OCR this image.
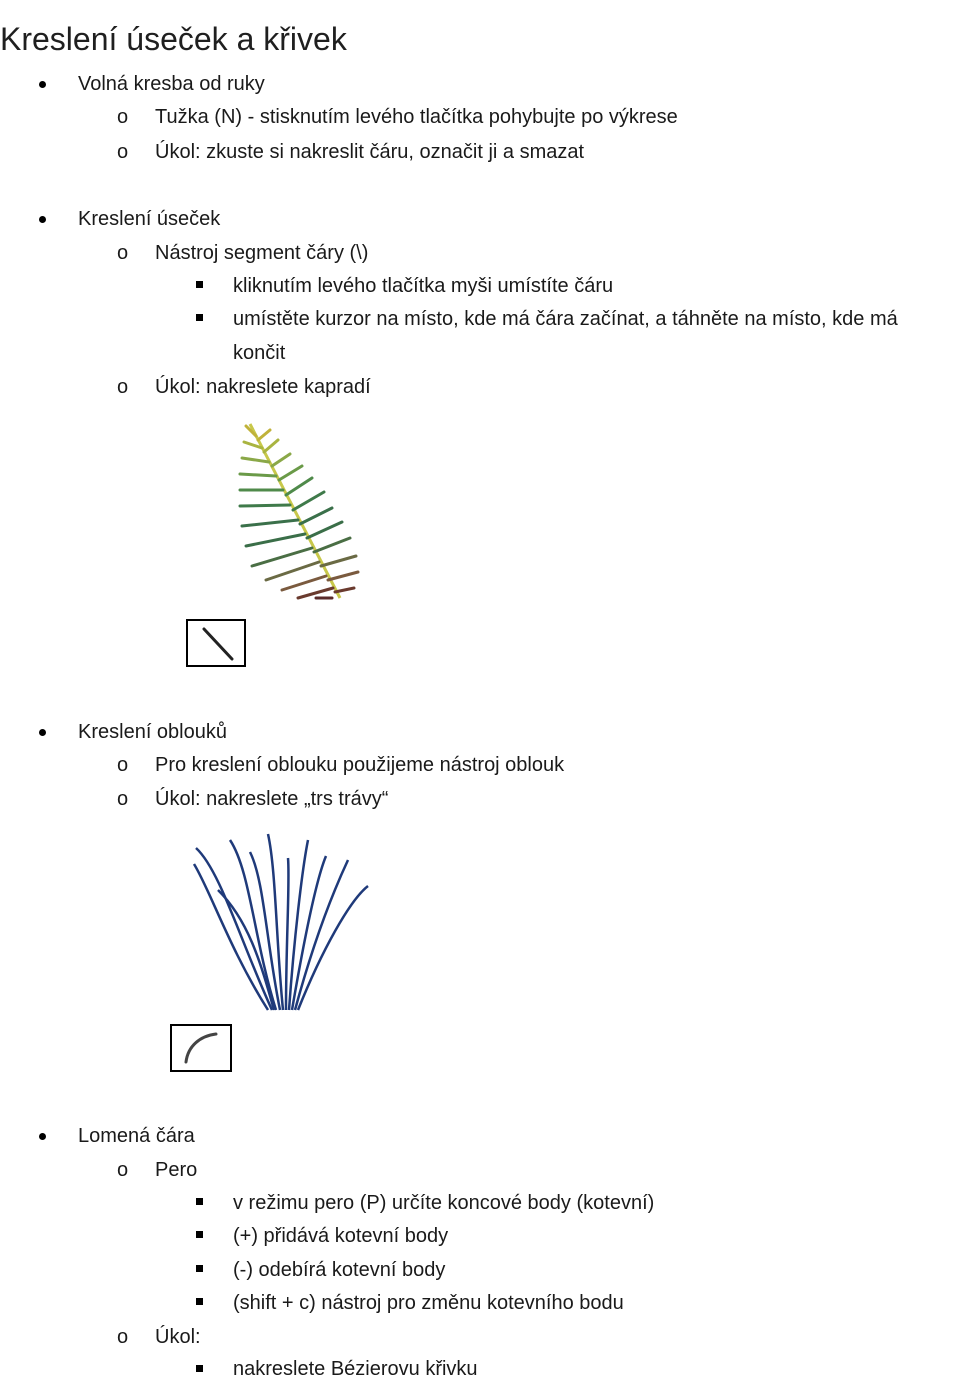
Kreslení úseček a křivek
Volná kresba od ruky
o Tužka (N) - stisknutím levého tlačítka pohybujte po výkrese
o Úkol: zkuste si nakreslit čáru, označit ji a smazat
Kreslení úseček
o Nástroj segment čáry (\)
kliknutím levého tlačítka myši umístíte čáru
umístěte kurzor na místo, kde má čára začínat, a táhněte na místo, kde má
končit
o Úkol: nakreslete kapradí
Kreslení oblouků
o Pro kreslení oblouku použijeme nástroj oblouk
o Úkol: nakreslete „trs trávy“
Lomená čára
o Pero
v režimu pero (P) určíte koncové body (kotevní)
(+) přidává kotevní body
(-) odebírá kotevní body
(shift + c) nástroj pro změnu kotevního bodu
o Úkol:
nakreslete Bézierovu křivku
